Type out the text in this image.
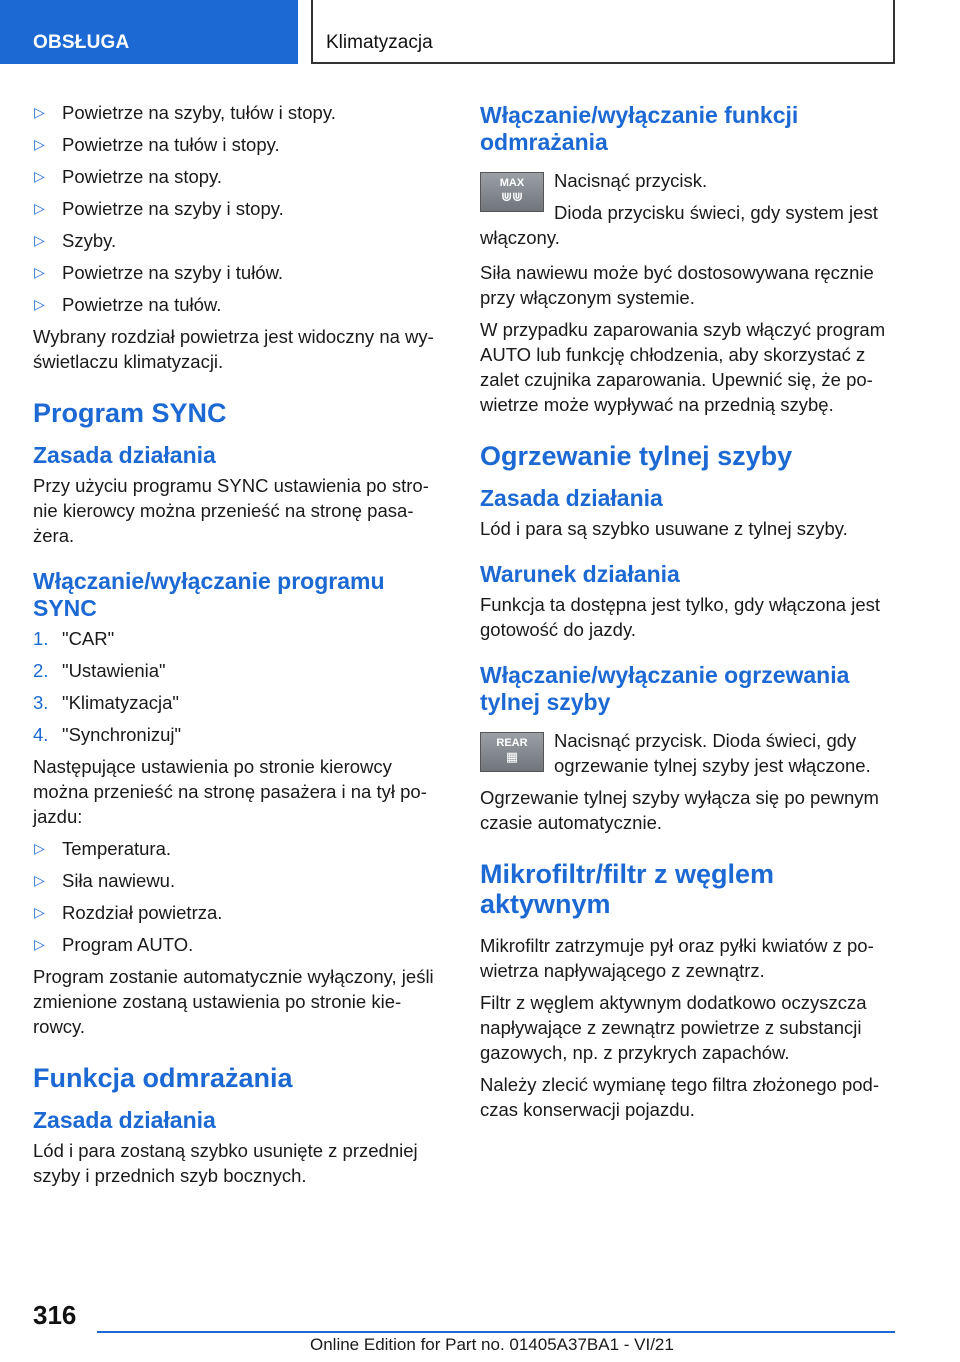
OBSŁUGA	Klimatyzacja
▷ Powietrze na szyby, tułów i stopy.
▷ Powietrze na tułów i stopy.
▷ Powietrze na stopy.
▷ Powietrze na szyby i stopy.
▷ Szyby.
▷ Powietrze na szyby i tułów.
▷ Powietrze na tułów.

Wybrany rozdział powietrza jest widoczny na wyświetlaczu klimatyzacji.

Program SYNC
Zasada działania

Przy użyciu programu SYNC ustawienia po stronie kierowcy można przenieść na stronę pasażera.

Włączanie/wyłączanie programu SYNC
1. "CAR"
2. "Ustawienia"
3. "Klimatyzacja"
4. "Synchronizuj"

Następujące ustawienia po stronie kierowcy można przenieść na stronę pasażera i na tył pojazdu:

▷ Temperatura.
▷ Siła nawiewu.
▷ Rozdział powietrza.
▷ Program AUTO.

Program zostanie automatycznie wyłączony, jeśli zmienione zostaną ustawienia po stronie kierowcy.

Funkcja odmrażania
Zasada działania

Lód i para zostaną szybko usunięte z przedniej szyby i przednich szyb bocznych.

Włączanie/wyłączanie funkcji odmrażania
MAX
⋓⋓

Nacisnąć przycisk.

Dioda przycisku świeci, gdy system jest włączony.

Siła nawiewu może być dostosowywana ręcznie przy włączonym systemie.

W przypadku zaparowania szyb włączyć program AUTO lub funkcję chłodzenia, aby skorzystać z zalet czujnika zaparowania. Upewnić się, że powietrze może wypływać na przednią szybę.

Ogrzewanie tylnej szyby
Zasada działania

Lód i para są szybko usuwane z tylnej szyby.

Warunek działania

Funkcja ta dostępna jest tylko, gdy włączona jest gotowość do jazdy.

Włączanie/wyłączanie ogrzewania tylnej szyby
REAR
▦

Nacisnąć przycisk. Dioda świeci, gdy ogrzewanie tylnej szyby jest włączone.

Ogrzewanie tylnej szyby wyłącza się po pewnym czasie automatycznie.

Mikrofiltr/filtr z węglem aktywnym

Mikrofiltr zatrzymuje pył oraz pyłki kwiatów z powietrza napływającego z zewnątrz.

Filtr z węglem aktywnym dodatkowo oczyszcza napływające z zewnątrz powietrze z substancji gazowych, np. z przykrych zapachów.

Należy zlecić wymianę tego filtra złożonego podczas konserwacji pojazdu.

316
Online Edition for Part no. 01405A37BA1 - VI/21
